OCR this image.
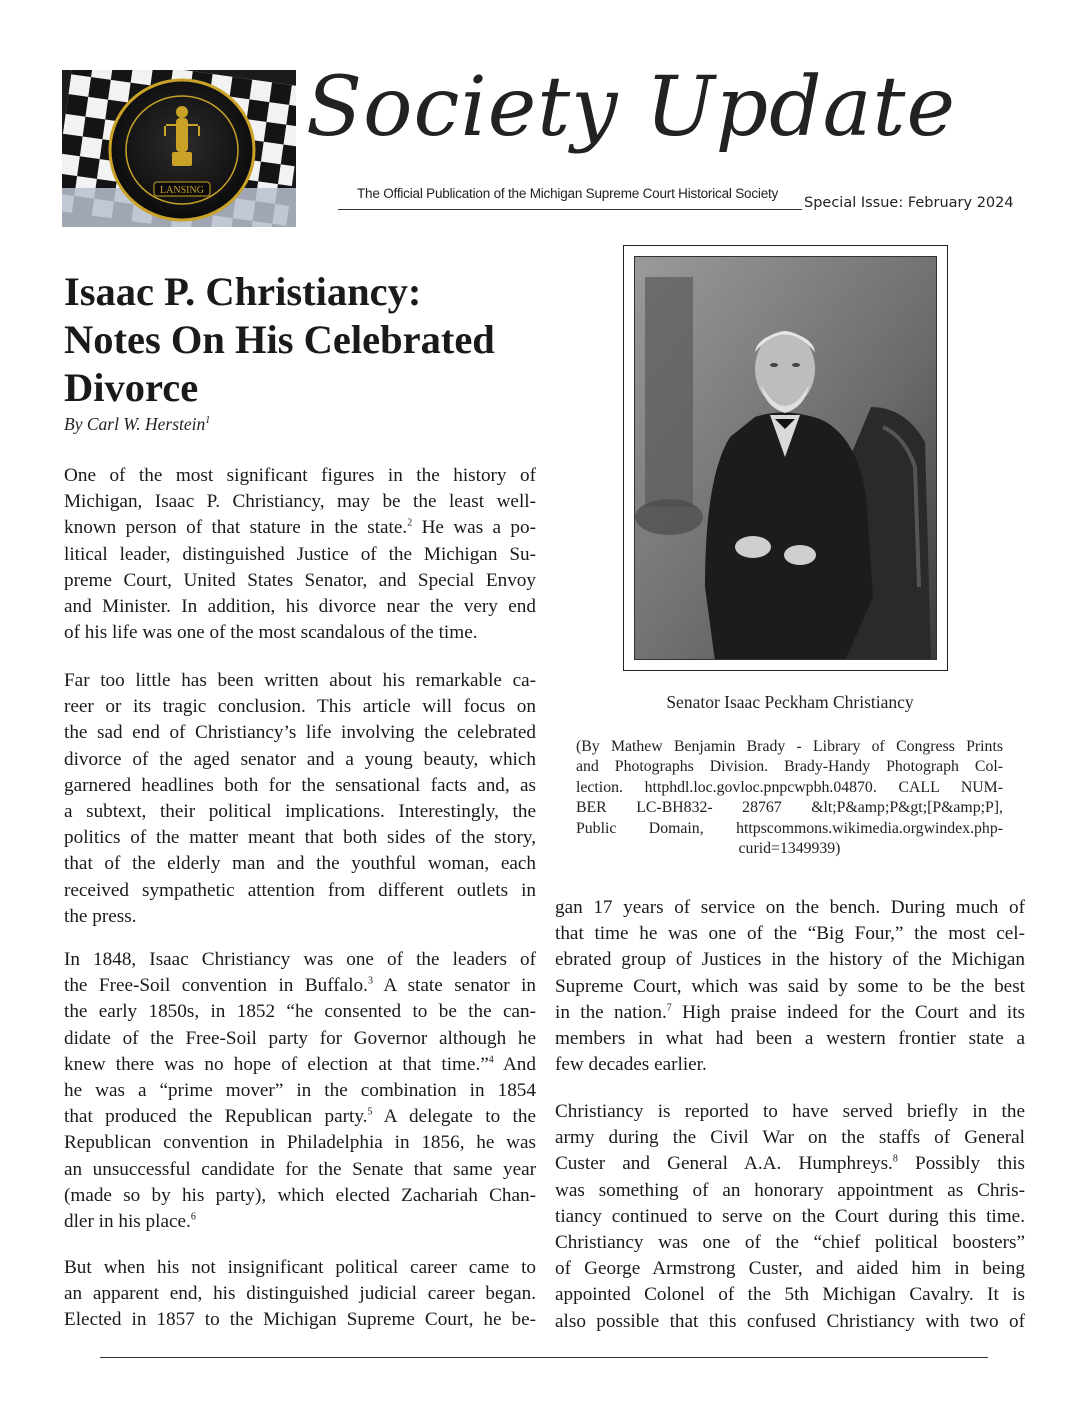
LANSING
Society Update
The Official Publication of the Michigan Supreme Court Historical Society
Special Issue: February 2024
Isaac P. Christiancy:
Notes On His Celebrated
Divorce
By Carl W. Herstein$^1$

One of the most significant figures in the history of
Michigan, Isaac P. Christiancy, may be the least well-
known person of that stature in the state.$^2$ He was a po-
litical leader, distinguished Justice of the Michigan Su-
preme Court, United States Senator, and Special Envoy
and Minister. In addition, his divorce near the very end
of his life was one of the most scandalous of the time.

Far too little has been written about his remarkable ca-
reer or its tragic conclusion. This article will focus on
the sad end of Christiancy’s life involving the celebrated
divorce of the aged senator and a young beauty, which
garnered headlines both for the sensational facts and, as
a subtext, their political implications. Interestingly, the
politics of the matter meant that both sides of the story,
that of the elderly man and the youthful woman, each
received sympathetic attention from different outlets in
the press.

In 1848, Isaac Christiancy was one of the leaders of
the Free-Soil convention in Buffalo.$^3$ A state senator in
the early 1850s, in 1852 “he consented to be the can-
didate of the Free-Soil party for Governor although he
knew there was no hope of election at that time.”$^4$ And
he was a “prime mover” in the combination in 1854
that produced the Republican party.$^5$ A delegate to the
Republican convention in Philadelphia in 1856, he was
an unsuccessful candidate for the Senate that same year
(made so by his party), which elected Zachariah Chan-
dler in his place.$^6$

But when his not insignificant political career came to
an apparent end, his distinguished judicial career began.
Elected in 1857 to the Michigan Supreme Court, he be-

Senator Isaac Peckham Christiancy
(By Mathew Benjamin Brady - Library of Congress Prints
and Photographs Division. Brady-Handy Photograph Col-
lection. httphdl.loc.govloc.pnpcwpbh.04870. CALL NUM-
BER LC-BH832- 28767 &lt;P&amp;P&gt;[P&amp;P],
Public Domain, httpscommons.wikimedia.orgwindex.php-
curid=1349939)

gan 17 years of service on the bench. During much of
that time he was one of the “Big Four,” the most cel-
ebrated group of Justices in the history of the Michigan
Supreme Court, which was said by some to be the best
in the nation.$^7$ High praise indeed for the Court and its
members in what had been a western frontier state a
few decades earlier.

Christiancy is reported to have served briefly in the
army during the Civil War on the staffs of General
Custer and General A.A. Humphreys.$^8$ Possibly this
was something of an honorary appointment as Chris-
tiancy continued to serve on the Court during this time.
Christiancy was one of the “chief political boosters”
of George Armstrong Custer, and aided him in being
appointed Colonel of the 5th Michigan Cavalry. It is
also possible that this confused Christiancy with two of
